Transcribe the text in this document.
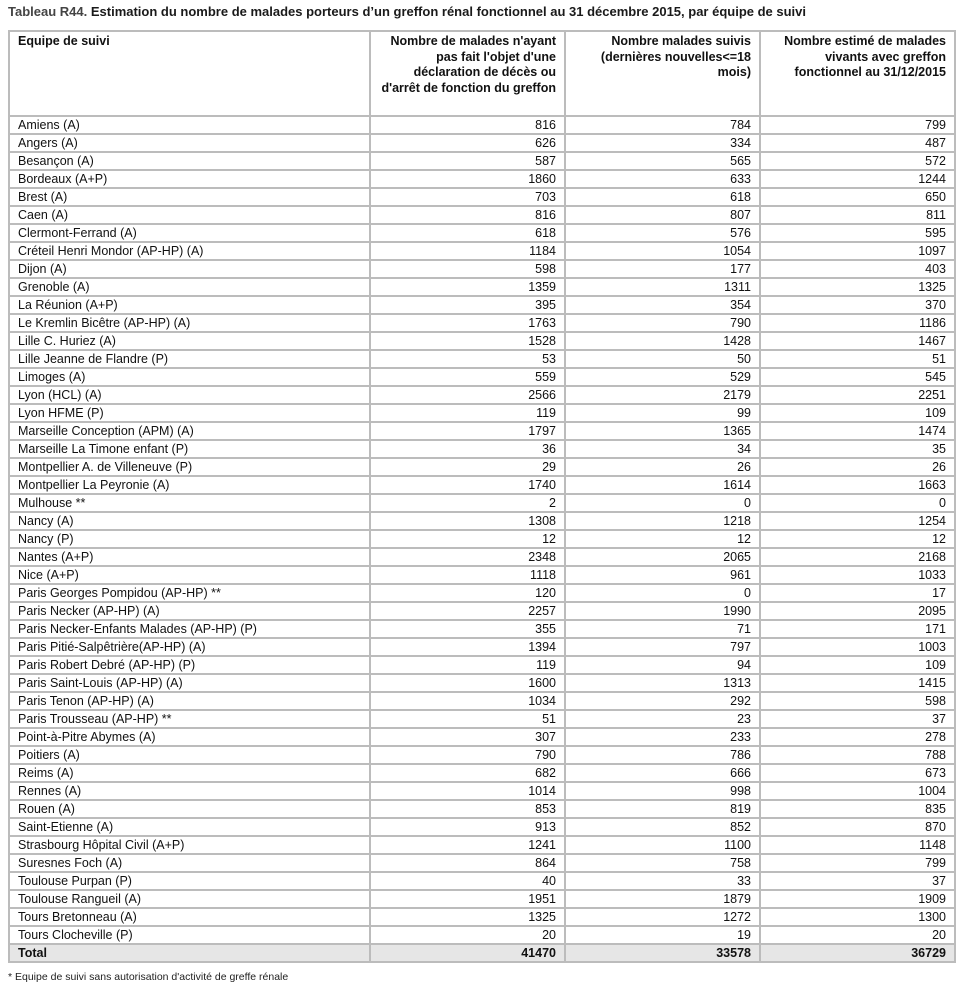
Tableau R44. Estimation du nombre de malades porteurs d’un greffon rénal fonctionnel au 31 décembre 2015, par équipe de suivi
Equipe de suivi	Nombre de malades n'ayant pas fait l'objet d'une déclaration de décès ou d'arrêt de fonction du greffon	Nombre malades suivis (dernières nouvelles<=18 mois)	Nombre estimé de malades vivants avec greffon fonctionnel au 31/12/2015
Amiens (A)	816	784	799
Angers (A)	626	334	487
Besançon (A)	587	565	572
Bordeaux (A+P)	1860	633	1244
Brest (A)	703	618	650
Caen (A)	816	807	811
Clermont-Ferrand (A)	618	576	595
Créteil Henri Mondor (AP-HP) (A)	1184	1054	1097
Dijon (A)	598	177	403
Grenoble (A)	1359	1311	1325
La Réunion (A+P)	395	354	370
Le Kremlin Bicêtre (AP-HP) (A)	1763	790	1186
Lille C. Huriez (A)	1528	1428	1467
Lille Jeanne de Flandre (P)	53	50	51
Limoges (A)	559	529	545
Lyon (HCL) (A)	2566	2179	2251
Lyon HFME (P)	119	99	109
Marseille Conception (APM) (A)	1797	1365	1474
Marseille La Timone enfant (P)	36	34	35
Montpellier A. de Villeneuve (P)	29	26	26
Montpellier La Peyronie (A)	1740	1614	1663
Mulhouse **	2	0	0
Nancy (A)	1308	1218	1254
Nancy (P)	12	12	12
Nantes (A+P)	2348	2065	2168
Nice (A+P)	1118	961	1033
Paris Georges Pompidou (AP-HP) **	120	0	17
Paris Necker (AP-HP) (A)	2257	1990	2095
Paris Necker-Enfants Malades (AP-HP) (P)	355	71	171
Paris Pitié-Salpêtrière(AP-HP) (A)	1394	797	1003
Paris Robert Debré (AP-HP) (P)	119	94	109
Paris Saint-Louis (AP-HP) (A)	1600	1313	1415
Paris Tenon (AP-HP) (A)	1034	292	598
Paris Trousseau (AP-HP) **	51	23	37
Point-à-Pitre Abymes (A)	307	233	278
Poitiers (A)	790	786	788
Reims (A)	682	666	673
Rennes (A)	1014	998	1004
Rouen (A)	853	819	835
Saint-Etienne (A)	913	852	870
Strasbourg Hôpital Civil (A+P)	1241	1100	1148
Suresnes Foch (A)	864	758	799
Toulouse Purpan (P)	40	33	37
Toulouse Rangueil (A)	1951	1879	1909
Tours Bretonneau (A)	1325	1272	1300
Tours Clocheville (P)	20	19	20
Total	41470	33578	36729
* Equipe de suivi sans autorisation d'activité de greffe rénale
